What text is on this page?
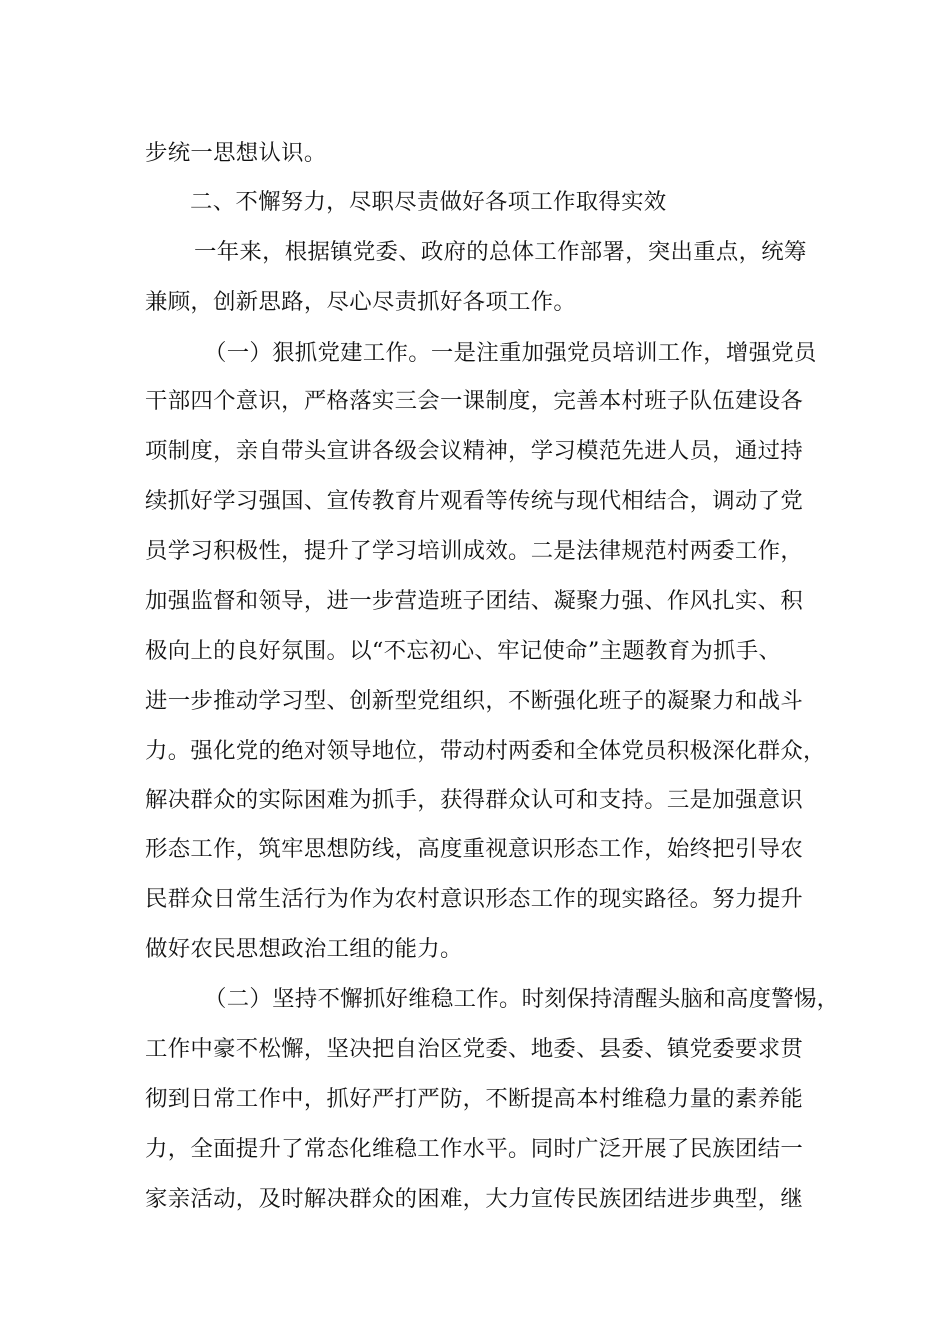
步统一思想认识。
二、不懈努力，尽职尽责做好各项工作取得实效
一年来，根据镇党委、政府的总体工作部署，突出重点，统筹
兼顾，创新思路，尽心尽责抓好各项工作。
（一）狠抓党建工作。一是注重加强党员培训工作，增强党员
干部四个意识，严格落实三会一课制度，完善本村班子队伍建设各
项制度，亲自带头宣讲各级会议精神，学习模范先进人员，通过持
续抓好学习强国、宣传教育片观看等传统与现代相结合，调动了党
员学习积极性，提升了学习培训成效。二是法律规范村两委工作，
加强监督和领导，进一步营造班子团结、凝聚力强、作风扎实、积
极向上的良好氛围。以“不忘初心、牢记使命”主题教育为抓手、
进一步推动学习型、创新型党组织，不断强化班子的凝聚力和战斗
力。强化党的绝对领导地位，带动村两委和全体党员积极深化群众，
解决群众的实际困难为抓手，获得群众认可和支持。三是加强意识
形态工作，筑牢思想防线，高度重视意识形态工作，始终把引导农
民群众日常生活行为作为农村意识形态工作的现实路径。努力提升
做好农民思想政治工组的能力。
（二）坚持不懈抓好维稳工作。时刻保持清醒头脑和高度警惕，
工作中豪不松懈，坚决把自治区党委、地委、县委、镇党委要求贯
彻到日常工作中，抓好严打严防，不断提高本村维稳力量的素养能
力，全面提升了常态化维稳工作水平。同时广泛开展了民族团结一
家亲活动，及时解决群众的困难，大力宣传民族团结进步典型，继
